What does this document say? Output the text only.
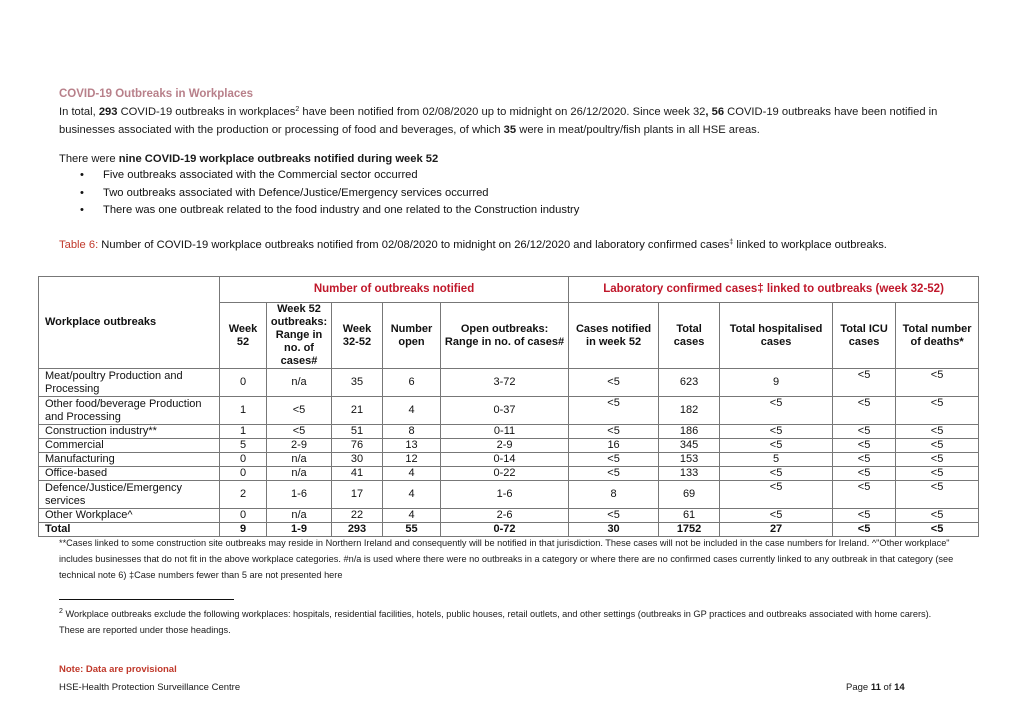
COVID-19 Outbreaks in Workplaces
In total, 293 COVID-19 outbreaks in workplaces$^2$ have been notified from 02/08/2020 up to midnight on 26/12/2020. Since week 32, 56 COVID-19 outbreaks have been notified in businesses associated with the production or processing of food and beverages, of which 35 were in meat/poultry/fish plants in all HSE areas.
There were nine COVID-19 workplace outbreaks notified during week 52
• Five outbreaks associated with the Commercial sector occurred
• Two outbreaks associated with Defence/Justice/Emergency services occurred
• There was one outbreak related to the food industry and one related to the Construction industry
Table 6: Number of COVID-19 workplace outbreaks notified from 02/08/2020 to midnight on 26/12/2020 and laboratory confirmed cases‡ linked to workplace outbreaks.
Workplace outbreaks	Number of outbreaks notified					Laboratory confirmed cases‡ linked to outbreaks (week 32-52)				
	Week 52	Week 52 outbreaks: Range in no. of cases#	Week 32-52	Number open	Open outbreaks: Range in no. of cases#	Cases notified in week 52	Total cases	Total hospitalised cases	Total ICU cases	Total number of deaths*
Meat/poultry Production and Processing	0	n/a	35	6	3-72	<5	623	9	<5	<5
Other food/beverage Production and Processing	1	<5	21	4	0-37	<5	182	<5	<5	<5
Construction industry**	1	<5	51	8	0-11	<5	186	<5	<5	<5
Commercial	5	2-9	76	13	2-9	16	345	<5	<5	<5
Manufacturing	0	n/a	30	12	0-14	<5	153	5	<5	<5
Office-based	0	n/a	41	4	0-22	<5	133	<5	<5	<5
Defence/Justice/Emergency services	2	1-6	17	4	1-6	8	69	<5	<5	<5
Other Workplace^	0	n/a	22	4	2-6	<5	61	<5	<5	<5
Total	9	1-9	293	55	0-72	30	1752	27	<5	<5
**Cases linked to some construction site outbreaks may reside in Northern Ireland and consequently will be notified in that jurisdiction. These cases will not be included in the case numbers for Ireland. ^"Other workplace" includes businesses that do not fit in the above workplace categories. #n/a is used where there were no outbreaks in a category or where there are no confirmed cases currently linked to any outbreak in that category (see technical note 6) ‡Case numbers fewer than 5 are not presented here
$^2$ Workplace outbreaks exclude the following workplaces: hospitals, residential facilities, hotels, public houses, retail outlets, and other settings (outbreaks in GP practices and outbreaks associated with home carers). These are reported under those headings.
Note: Data are provisional
HSE-Health Protection Surveillance Centre	Page 11 of 14
